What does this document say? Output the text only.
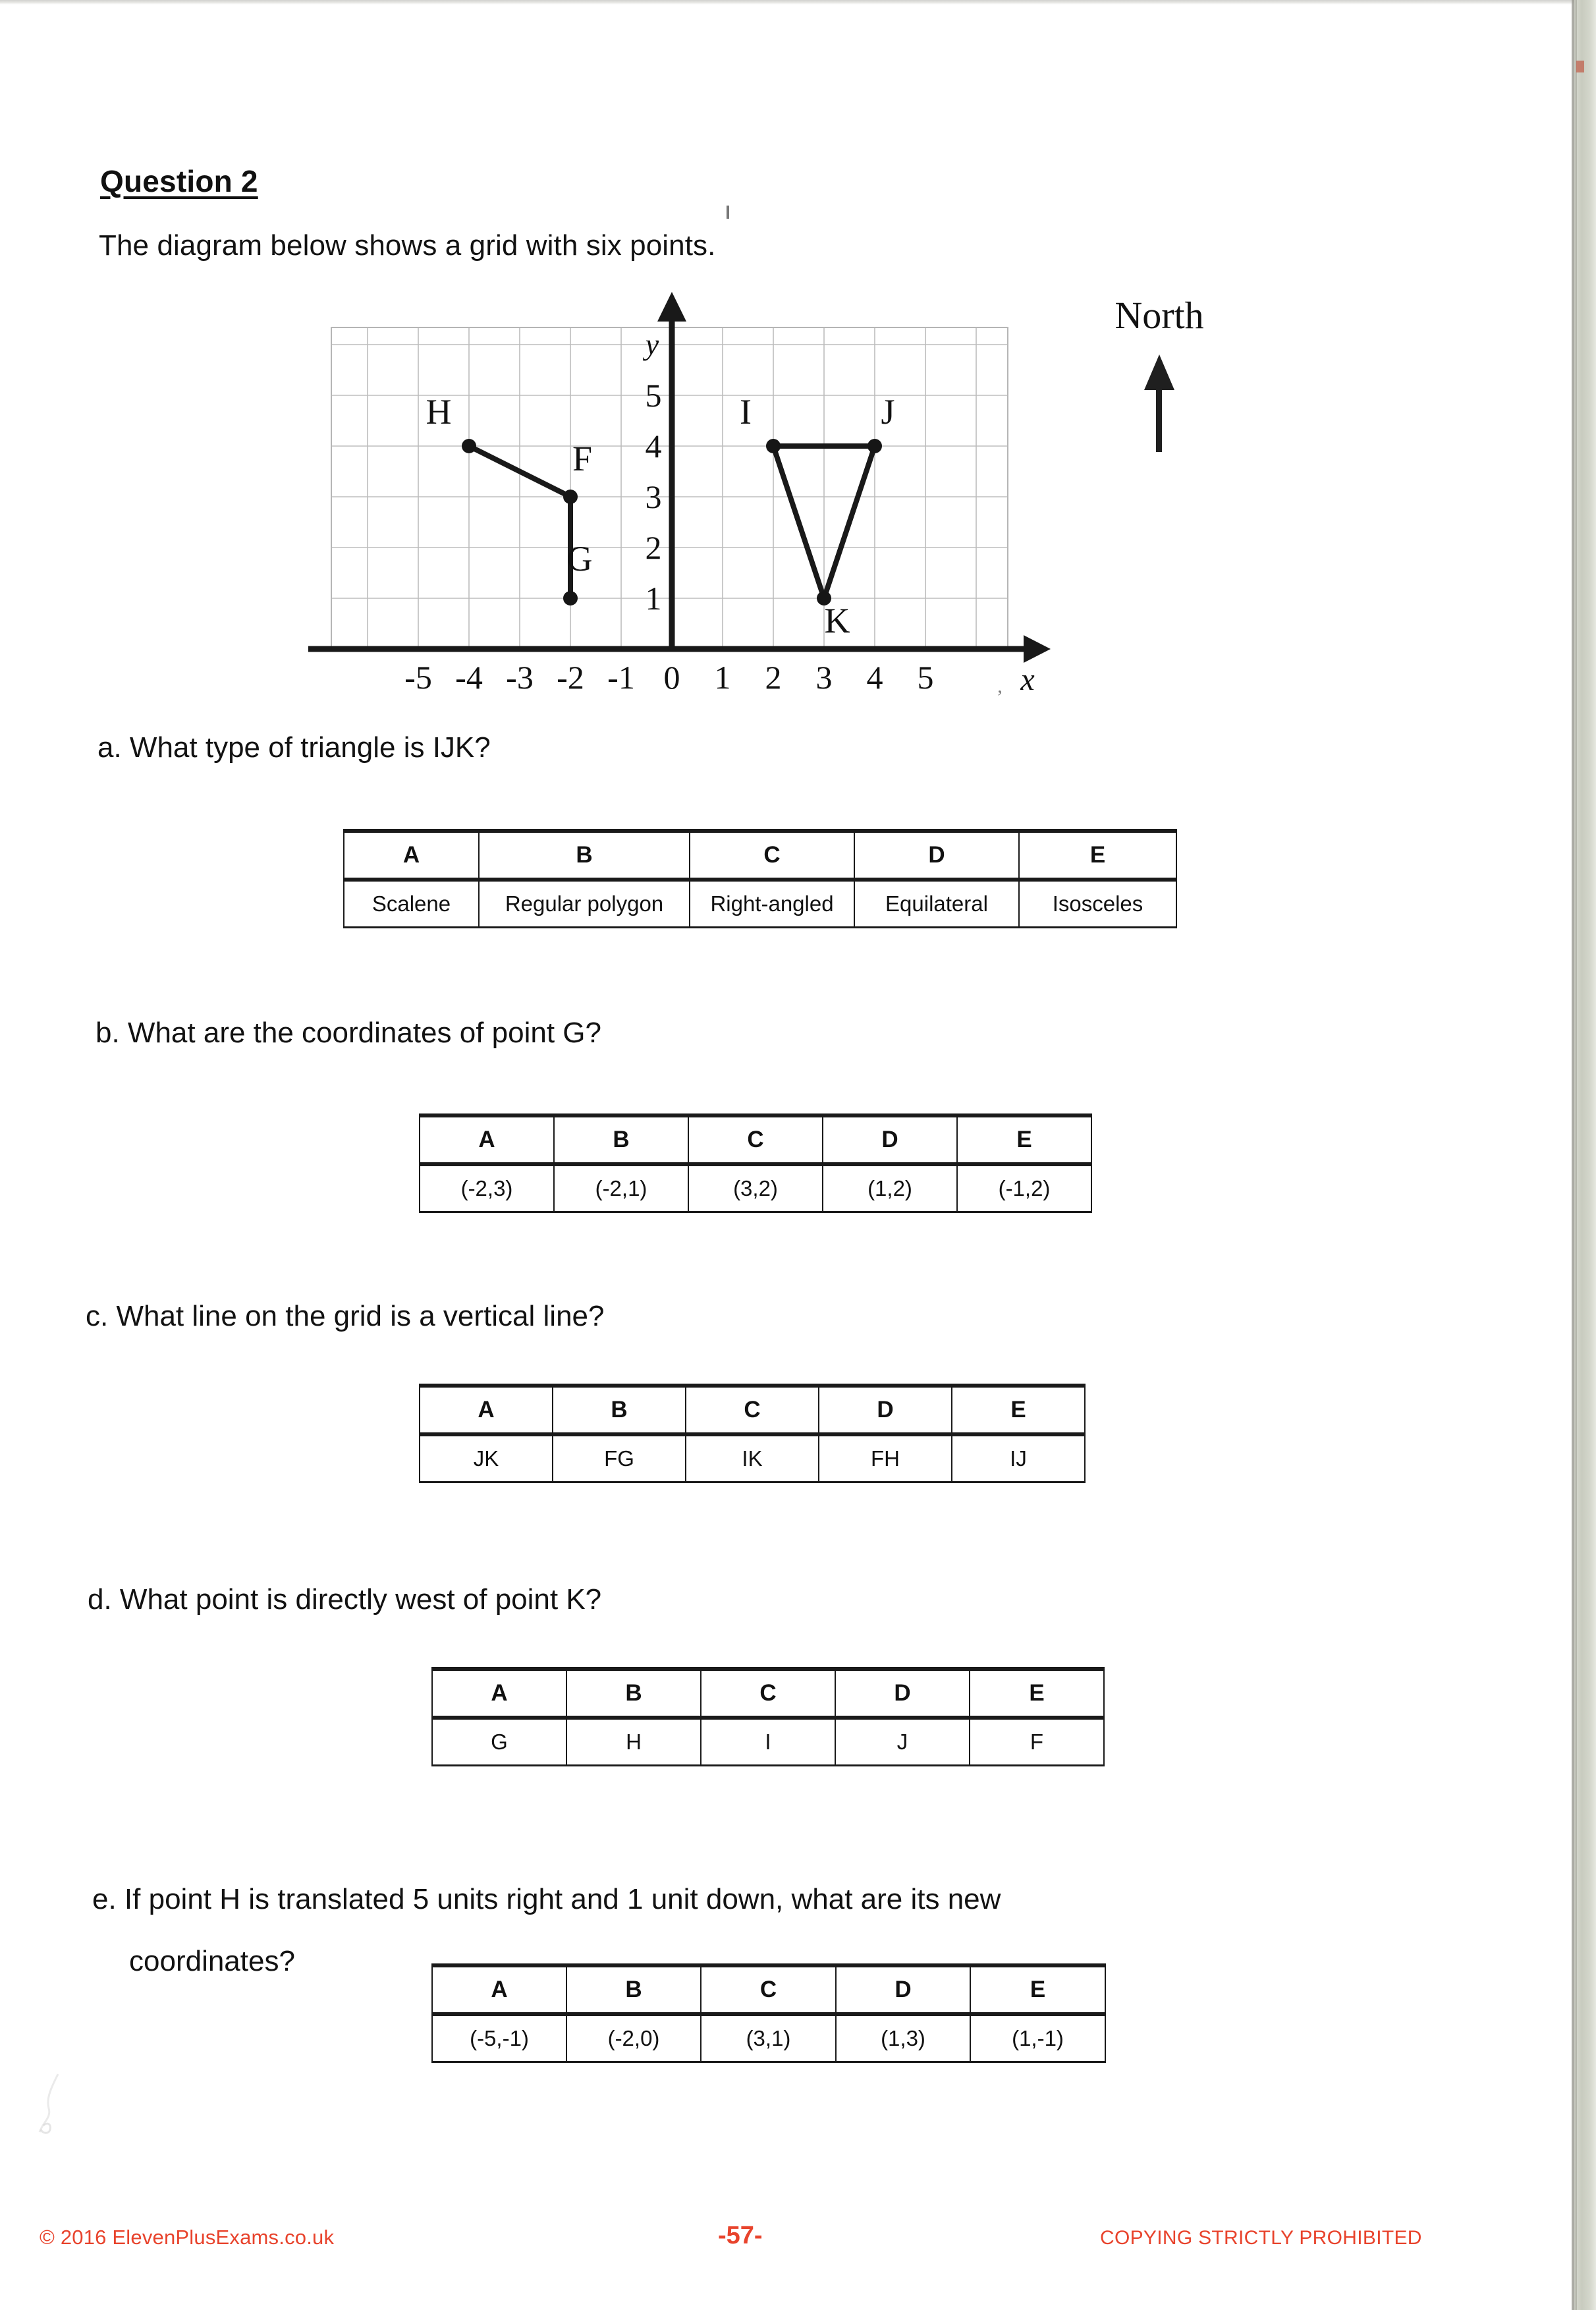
Question 2
The diagram below shows a grid with six points.
H
F
G
I	J
K
-5 -4 -3 -2 -1 0 1 2 3 4 5
1
2
3
4
5
y
x
,
North
a. What type of triangle is IJK?
A	B	C	D	E
Scalene	Regular polygon	Right-angled	Equilateral	Isosceles
b. What are the coordinates of point G?
A	B	C	D	E
(-2,3)	(-2,1)	(3,2)	(1,2)	(-1,2)
c. What line on the grid is a vertical line?
A	B	C	D	E
JK	FG	IK	FH	IJ
d. What point is directly west of point K?
A	B	C	D	E
G	H	I	J	F
e. If point H is translated 5 units right and 1 unit down, what are its new
coordinates?
A	B	C	D	E
(-5,-1)	(-2,0)	(3,1)	(1,3)	(1,-1)
© 2016 ElevenPlusExams.co.uk	-57-	COPYING STRICTLY PROHIBITED
